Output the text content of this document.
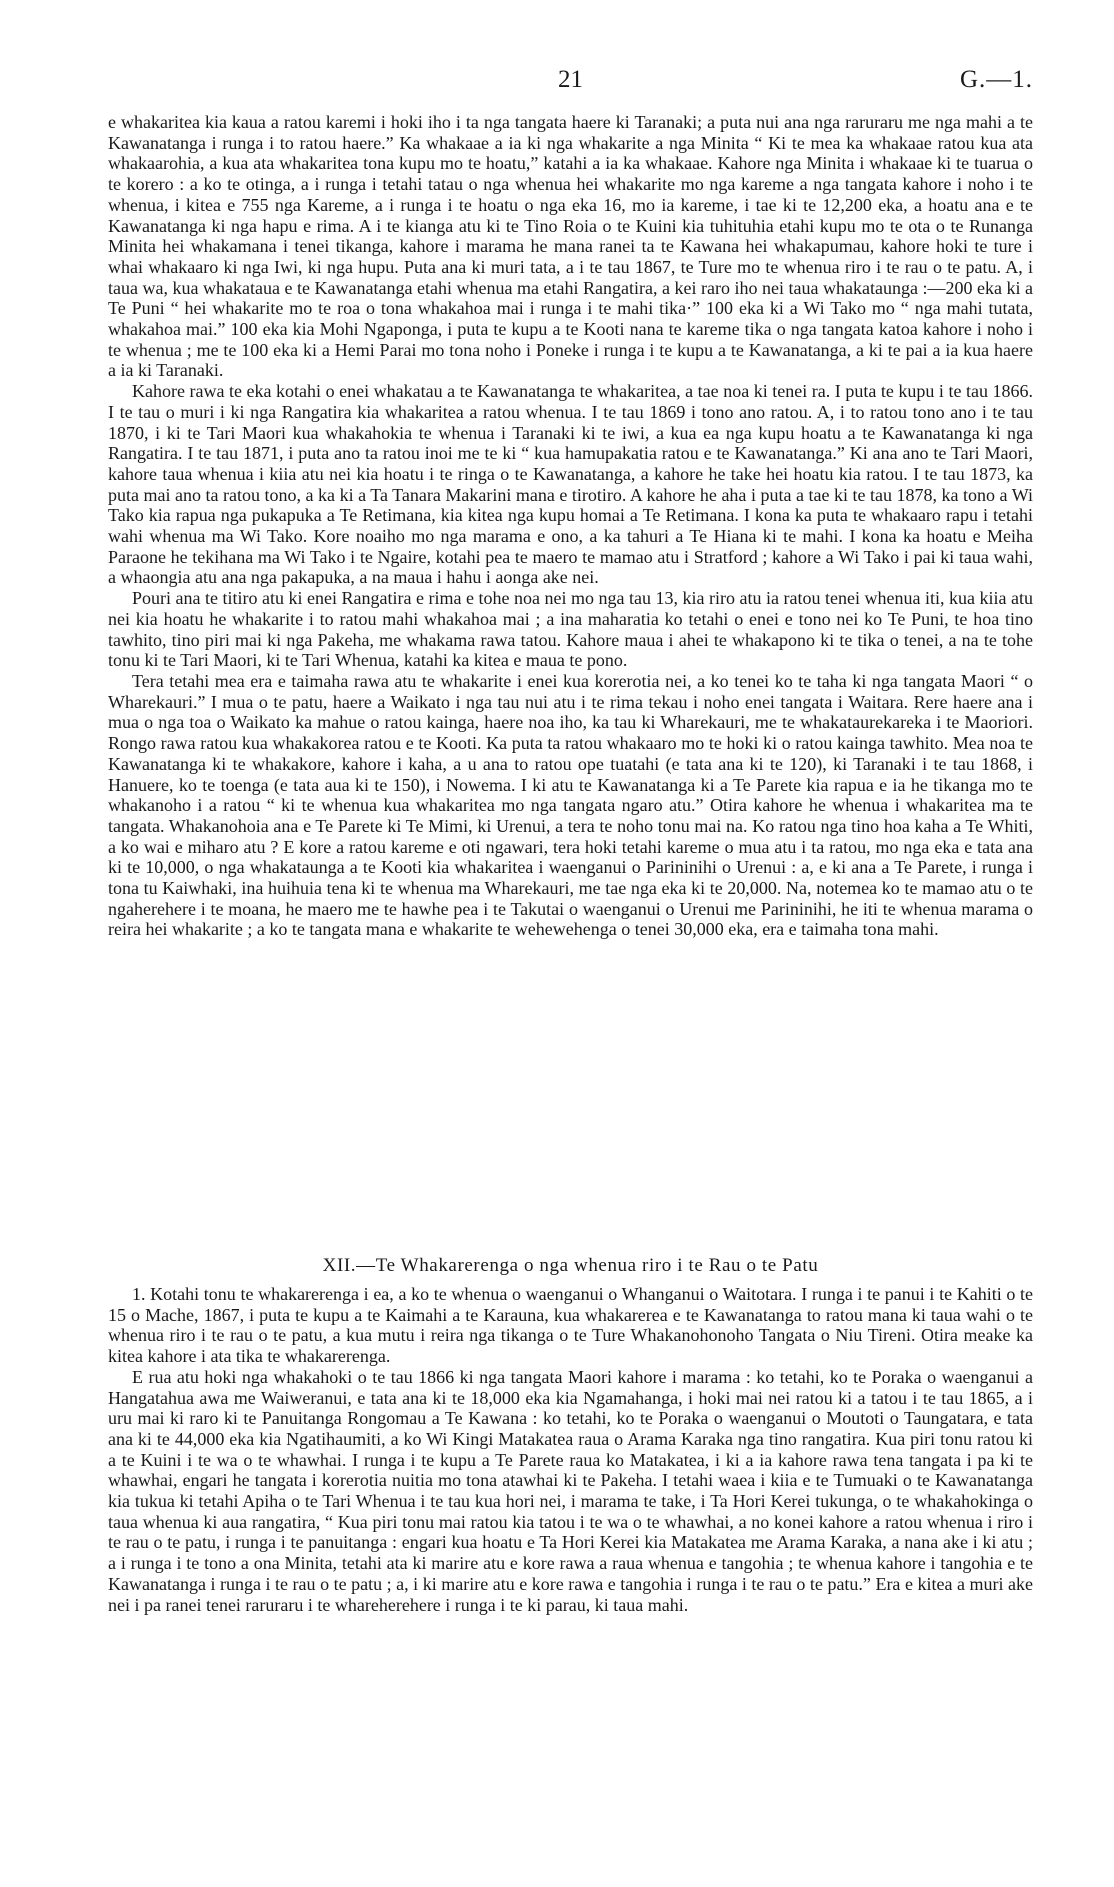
21	G.—1.

e whakaritea kia kaua a ratou karemi i hoki iho i ta nga tangata haere ki Taranaki; a puta nui ana nga raruraru me nga mahi a te Kawanatanga i runga i to ratou haere.” Ka whakaae a ia ki nga whakarite a nga Minita “ Ki te mea ka whakaae ratou kua ata whakaarohia, a kua ata whakaritea tona kupu mo te hoatu,” katahi a ia ka whakaae. Kahore nga Minita i whakaae ki te tuarua o te korero : a ko te otinga, a i runga i tetahi tatau o nga whenua hei whakarite mo nga kareme a nga tangata kahore i noho i te whenua, i kitea e 755 nga Kareme, a i runga i te hoatu o nga eka 16, mo ia kareme, i tae ki te 12,200 eka, a hoatu ana e te Kawanatanga ki nga hapu e rima. A i te kianga atu ki te Tino Roia o te Kuini kia tuhituhia etahi kupu mo te ota o te Runanga Minita hei whakamana i tenei tikanga, kahore i marama he mana ranei ta te Kawana hei whakapumau, kahore hoki te ture i whai whakaaro ki nga Iwi, ki nga hupu. Puta ana ki muri tata, a i te tau 1867, te Ture mo te whenua riro i te rau o te patu. A, i taua wa, kua whakataua e te Kawanatanga etahi whenua ma etahi Rangatira, a kei raro iho nei taua whakataunga :—200 eka ki a Te Puni “ hei whakarite mo te roa o tona whakahoa mai i runga i te mahi tika·” 100 eka ki a Wi Tako mo “ nga mahi tutata, whakahoa mai.” 100 eka kia Mohi Ngaponga, i puta te kupu a te Kooti nana te kareme tika o nga tangata katoa kahore i noho i te whenua ; me te 100 eka ki a Hemi Parai mo tona noho i Poneke i runga i te kupu a te Kawanatanga, a ki te pai a ia kua haere a ia ki Taranaki.

Kahore rawa te eka kotahi o enei whakatau a te Kawanatanga te whakaritea, a tae noa ki tenei ra. I puta te kupu i te tau 1866. I te tau o muri i ki nga Rangatira kia whakaritea a ratou whenua. I te tau 1869 i tono ano ratou. A, i to ratou tono ano i te tau 1870, i ki te Tari Maori kua whakahokia te whenua i Taranaki ki te iwi, a kua ea nga kupu hoatu a te Kawanatanga ki nga Rangatira. I te tau 1871, i puta ano ta ratou inoi me te ki “ kua hamupakatia ratou e te Kawanatanga.” Ki ana ano te Tari Maori, kahore taua whenua i kiia atu nei kia hoatu i te ringa o te Kawanatanga, a kahore he take hei hoatu kia ratou. I te tau 1873, ka puta mai ano ta ratou tono, a ka ki a Ta Tanara Makarini mana e tirotiro. A kahore he aha i puta a tae ki te tau 1878, ka tono a Wi Tako kia rapua nga pukapuka a Te Retimana, kia kitea nga kupu homai a Te Retimana. I kona ka puta te whakaaro rapu i tetahi wahi whenua ma Wi Tako. Kore noaiho mo nga marama e ono, a ka tahuri a Te Hiana ki te mahi. I kona ka hoatu e Meiha Paraone he tekihana ma Wi Tako i te Ngaire, kotahi pea te maero te mamao atu i Stratford ; kahore a Wi Tako i pai ki taua wahi, a whaongia atu ana nga pakapuka, a na maua i hahu i aonga ake nei.

Pouri ana te titiro atu ki enei Rangatira e rima e tohe noa nei mo nga tau 13, kia riro atu ia ratou tenei whenua iti, kua kiia atu nei kia hoatu he whakarite i to ratou mahi whakahoa mai ; a ina maharatia ko tetahi o enei e tono nei ko Te Puni, te hoa tino tawhito, tino piri mai ki nga Pakeha, me whakama rawa tatou. Kahore maua i ahei te whakapono ki te tika o tenei, a na te tohe tonu ki te Tari Maori, ki te Tari Whenua, katahi ka kitea e maua te pono.

Tera tetahi mea era e taimaha rawa atu te whakarite i enei kua korerotia nei, a ko tenei ko te taha ki nga tangata Maori “ o Wharekauri.” I mua o te patu, haere a Waikato i nga tau nui atu i te rima tekau i noho enei tangata i Waitara. Rere haere ana i mua o nga toa o Waikato ka mahue o ratou kainga, haere noa iho, ka tau ki Wharekauri, me te whakataurekareka i te Maoriori. Rongo rawa ratou kua whakakorea ratou e te Kooti. Ka puta ta ratou whakaaro mo te hoki ki o ratou kainga tawhito. Mea noa te Kawanatanga ki te whakakore, kahore i kaha, a u ana to ratou ope tuatahi (e tata ana ki te 120), ki Taranaki i te tau 1868, i Hanuere, ko te toenga (e tata aua ki te 150), i Nowema. I ki atu te Kawanatanga ki a Te Parete kia rapua e ia he tikanga mo te whakanoho i a ratou “ ki te whenua kua whakaritea mo nga tangata ngaro atu.” Otira kahore he whenua i whakaritea ma te tangata. Whakanohoia ana e Te Parete ki Te Mimi, ki Urenui, a tera te noho tonu mai na. Ko ratou nga tino hoa kaha a Te Whiti, a ko wai e miharo atu ? E kore a ratou kareme e oti ngawari, tera hoki tetahi kareme o mua atu i ta ratou, mo nga eka e tata ana ki te 10,000, o nga whakataunga a te Kooti kia whakaritea i waenganui o Parininihi o Urenui : a, e ki ana a Te Parete, i runga i tona tu Kaiwhaki, ina huihuia tena ki te whenua ma Wharekauri, me tae nga eka ki te 20,000. Na, notemea ko te mamao atu o te ngaherehere i te moana, he maero me te hawhe pea i te Takutai o waenganui o Urenui me Parininihi, he iti te whenua marama o reira hei whakarite ; a ko te tangata mana e whakarite te wehewehenga o tenei 30,000 eka, era e taimaha tona mahi.

XII.—Te Whakarerenga o nga whenua riro i te Rau o te Patu

1. Kotahi tonu te whakarerenga i ea, a ko te whenua o waenganui o Whanganui o Waitotara. I runga i te panui i te Kahiti o te 15 o Mache, 1867, i puta te kupu a te Kaimahi a te Karauna, kua whakarerea e te Kawanatanga to ratou mana ki taua wahi o te whenua riro i te rau o te patu, a kua mutu i reira nga tikanga o te Ture Whakanohonoho Tangata o Niu Tireni. Otira meake ka kitea kahore i ata tika te whakarerenga.

E rua atu hoki nga whakahoki o te tau 1866 ki nga tangata Maori kahore i marama : ko tetahi, ko te Poraka o waenganui a Hangatahua awa me Waiweranui, e tata ana ki te 18,000 eka kia Ngamahanga, i hoki mai nei ratou ki a tatou i te tau 1865, a i uru mai ki raro ki te Panuitanga Rongomau a Te Kawana : ko tetahi, ko te Poraka o waenganui o Moutoti o Taungatara, e tata ana ki te 44,000 eka kia Ngatihaumiti, a ko Wi Kingi Matakatea raua o Arama Karaka nga tino rangatira. Kua piri tonu ratou ki a te Kuini i te wa o te whawhai. I runga i te kupu a Te Parete raua ko Matakatea, i ki a ia kahore rawa tena tangata i pa ki te whawhai, engari he tangata i korerotia nuitia mo tona atawhai ki te Pakeha. I tetahi waea i kiia e te Tumuaki o te Kawanatanga kia tukua ki tetahi Apiha o te Tari Whenua i te tau kua hori nei, i marama te take, i Ta Hori Kerei tukunga, o te whakahokinga o taua whenua ki aua rangatira, “ Kua piri tonu mai ratou kia tatou i te wa o te whawhai, a no konei kahore a ratou whenua i riro i te rau o te patu, i runga i te panuitanga : engari kua hoatu e Ta Hori Kerei kia Matakatea me Arama Karaka, a nana ake i ki atu ; a i runga i te tono a ona Minita, tetahi ata ki marire atu e kore rawa a raua whenua e tangohia ; te whenua kahore i tangohia e te Kawanatanga i runga i te rau o te patu ; a, i ki marire atu e kore rawa e tangohia i runga i te rau o te patu.” Era e kitea a muri ake nei i pa ranei tenei raruraru i te whareherehere i runga i te ki parau, ki taua mahi.
